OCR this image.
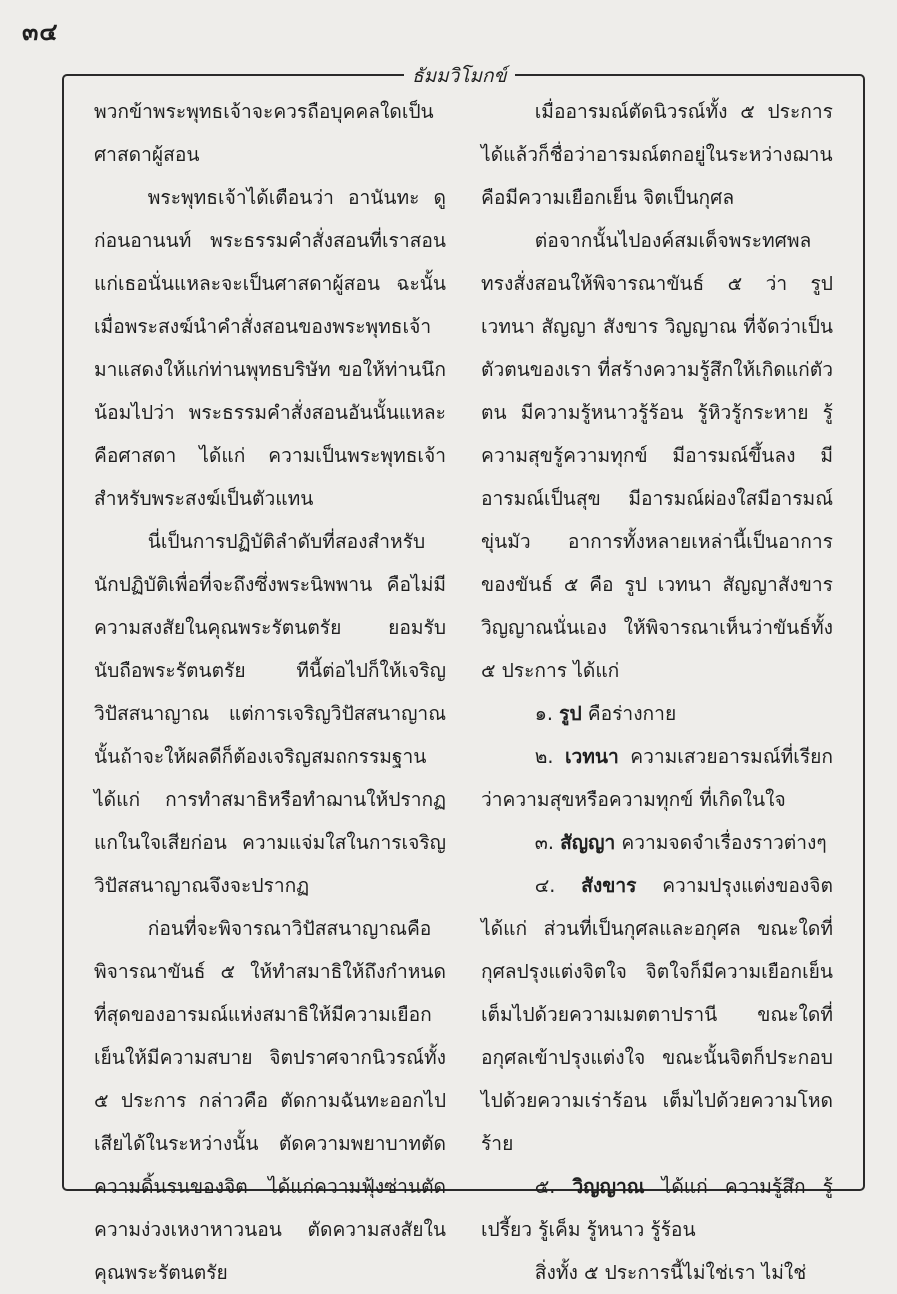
๓๔
ธัมมวิโมกข์

พวกข้าพระพุทธเจ้าจะควรถือบุคคลใดเป็นศาสดาผู้สอน

พระพุทธเจ้าได้เตือนว่า อานันทะ ดูก่อนอานนท์ พระธรรมคำสั่งสอนที่เราสอนแก่เธอนั่นแหละจะเป็นศาสดาผู้สอน ฉะนั้นเมื่อพระสงฆ์นำคำสั่งสอนของพระพุทธเจ้ามาแสดงให้แก่ท่านพุทธบริษัท ขอให้ท่านนึกน้อมไปว่า พระธรรมคำสั่งสอนอันนั้นแหละคือศาสดา ได้แก่ ความเป็นพระพุทธเจ้าสำหรับพระสงฆ์เป็นตัวแทน

นี่เป็นการปฏิบัติลำดับที่สองสำหรับนักปฏิบัติเพื่อที่จะถึงซึ่งพระนิพพาน คือไม่มีความสงสัยในคุณพระรัตนตรัย ยอมรับนับถือพระรัตนตรัย ทีนี้ต่อไปก็ให้เจริญวิปัสสนาญาณ แต่การเจริญวิปัสสนาญาณนั้นถ้าจะให้ผลดีก็ต้องเจริญสมถกรรมฐานได้แก่ การทำสมาธิหรือทำฌานให้ปรากฏแกในใจเสียก่อน ความแจ่มใสในการเจริญวิปัสสนาญาณจึงจะปรากฏ

ก่อนที่จะพิจารณาวิปัสสนาญาณคือพิจารณาขันธ์ ๕ ให้ทำสมาธิให้ถึงกำหนดที่สุดของอารมณ์แห่งสมาธิให้มีความเยือกเย็นให้มีความสบาย จิตปราศจากนิวรณ์ทั้ง ๕ ประการ กล่าวคือ ตัดกามฉันทะออกไปเสียได้ในระหว่างนั้น ตัดความพยาบาทตัดความดิ้นรนของจิต ได้แก่ความฟุ้งซ่านตัดความง่วงเหงาหาวนอน ตัดความสงสัยในคุณพระรัตนตรัย

เมื่ออารมณ์ตัดนิวรณ์ทั้ง ๕ ประการได้แล้วก็ชื่อว่าอารมณ์ตกอยู่ในระหว่างฌานคือมีความเยือกเย็น จิตเป็นกุศล

ต่อจากนั้นไปองค์สมเด็จพระทศพลทรงสั่งสอนให้พิจารณาขันธ์ ๕ ว่า รูป เวทนา สัญญา สังขาร วิญญาณ ที่จัดว่าเป็นตัวตนของเรา ที่สร้างความรู้สึกให้เกิดแก่ตัวตน มีความรู้หนาวรู้ร้อน รู้หิวรู้กระหาย รู้ความสุขรู้ความทุกข์ มีอารมณ์ขึ้นลง มีอารมณ์เป็นสุข มีอารมณ์ผ่องใสมีอารมณ์ขุ่นมัว อาการทั้งหลายเหล่านี้เป็นอาการของขันธ์ ๕ คือ รูป เวทนา สัญญาสังขาร วิญญาณนั่นเอง ให้พิจารณาเห็นว่าขันธ์ทั้ง ๕ ประการ ได้แก่

๑. รูป คือร่างกาย

๒. เวทนา ความเสวยอารมณ์ที่เรียกว่าความสุขหรือความทุกข์ ที่เกิดในใจ

๓. สัญญา ความจดจำเรื่องราวต่างๆ

๔. สังขาร ความปรุงแต่งของจิตได้แก่ ส่วนที่เป็นกุศลและอกุศล ขณะใดที่กุศลปรุงแต่งจิตใจ จิตใจก็มีความเยือกเย็นเต็มไปด้วยความเมตตาปรานี ขณะใดที่อกุศลเข้าปรุงแต่งใจ ขณะนั้นจิตก็ประกอบไปด้วยความเร่าร้อน เต็มไปด้วยความโหดร้าย

๕. วิญญาณ ได้แก่ ความรู้สึก รู้เปรี้ยว รู้เค็ม รู้หนาว รู้ร้อน

สิ่งทั้ง ๕ ประการนี้ไม่ใช่เรา ไม่ใช่
